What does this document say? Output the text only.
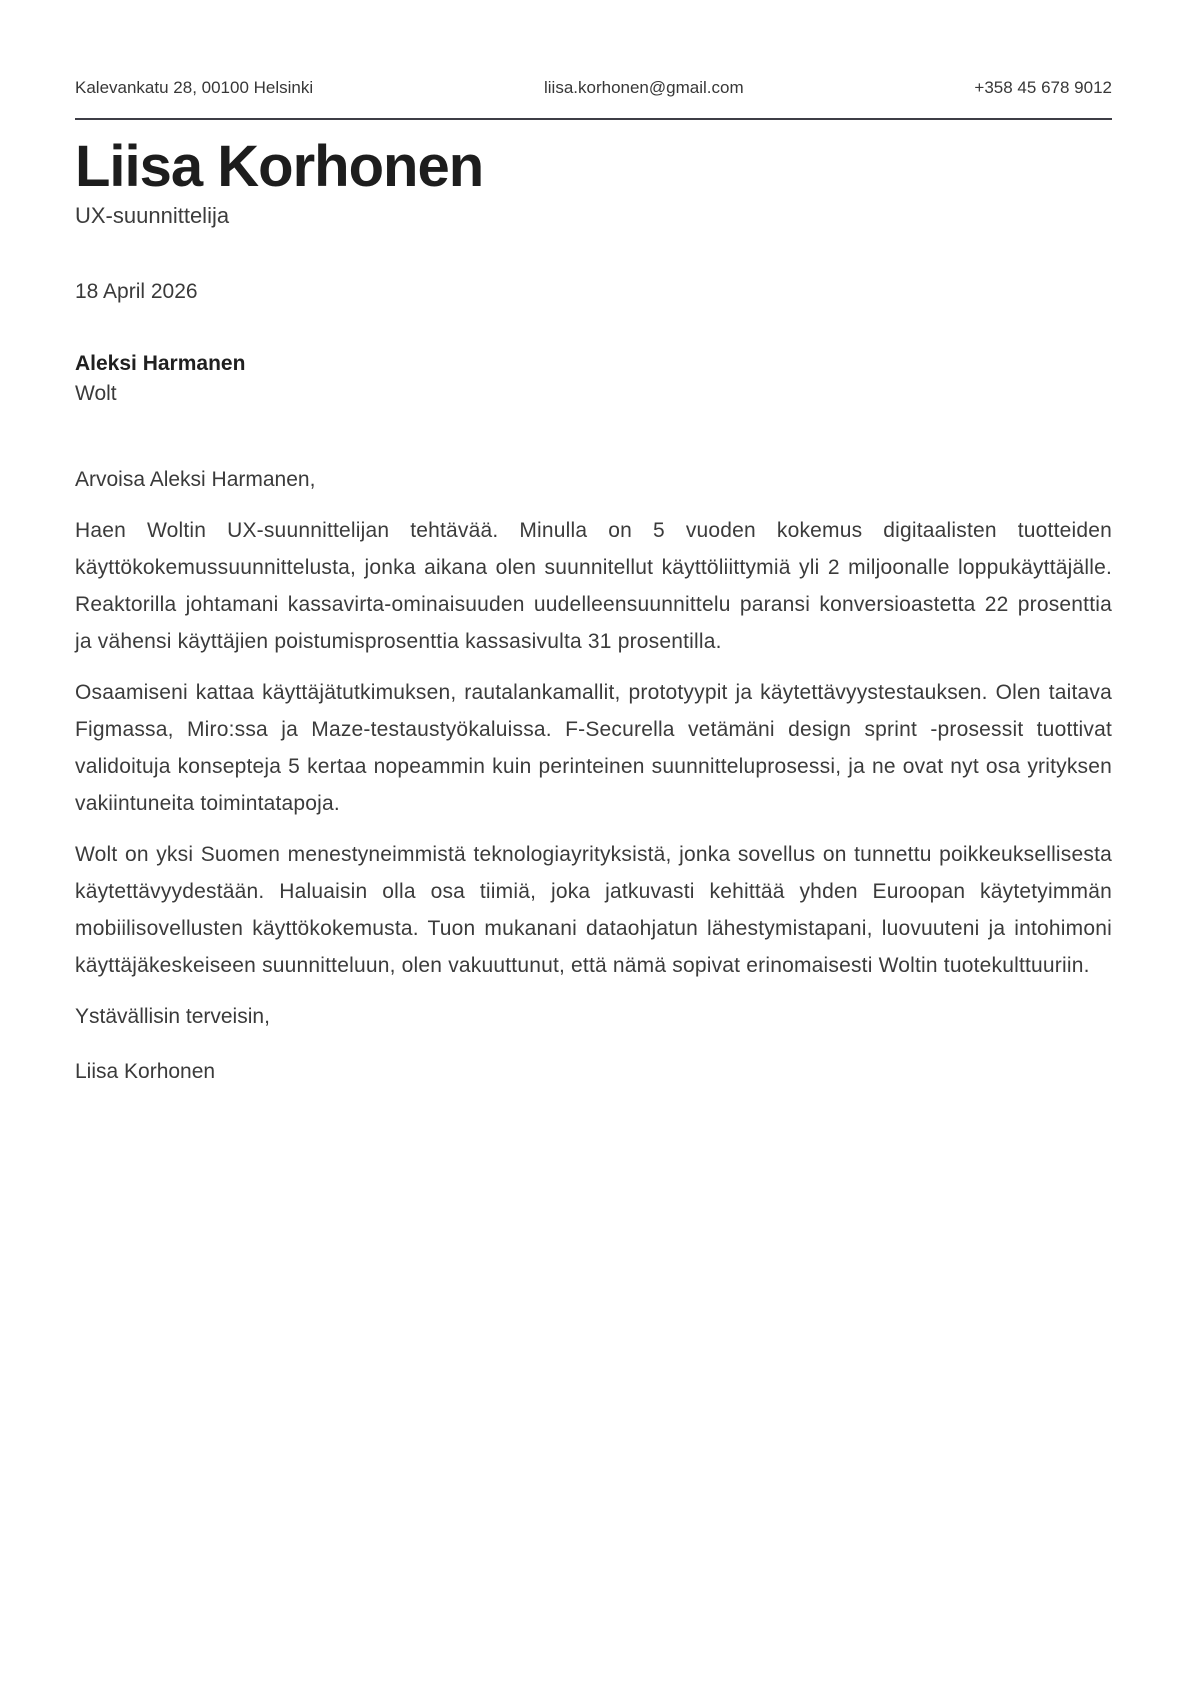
Kalevankatu 28, 00100 Helsinki	liisa.korhonen@gmail.com	+358 45 678 9012
Liisa Korhonen
UX-suunnittelija
18 April 2026
Aleksi Harmanen
Wolt

Arvoisa Aleksi Harmanen,

Haen Woltin UX-suunnittelijan tehtävää. Minulla on 5 vuoden kokemus digitaalisten tuotteiden käyttökokemussuunnittelusta, jonka aikana olen suunnitellut käyttöliittymiä yli 2 miljoonalle loppukäyttäjälle. Reaktorilla johtamani kassavirta-ominaisuuden uudelleensuunnittelu paransi konversioastetta 22 prosenttia ja vähensi käyttäjien poistumisprosenttia kassasivulta 31 prosentilla.

Osaamiseni kattaa käyttäjätutkimuksen, rautalankamallit, prototyypit ja käytettävyystestauksen. Olen taitava Figmassa, Miro:ssa ja Maze-testaustyökaluissa. F-Securella vetämäni design sprint -prosessit tuottivat validoituja konsepteja 5 kertaa nopeammin kuin perinteinen suunnitteluprosessi, ja ne ovat nyt osa yrityksen vakiintuneita toimintatapoja.

Wolt on yksi Suomen menestyneimmistä teknologiayrityksistä, jonka sovellus on tunnettu poikkeuksellisesta käytettävyydestään. Haluaisin olla osa tiimiä, joka jatkuvasti kehittää yhden Euroopan käytetyimmän mobiilisovellusten käyttökokemusta. Tuon mukanani dataohjatun lähestymistapani, luovuuteni ja intohimoni käyttäjäkeskeiseen suunnitteluun, olen vakuuttunut, että nämä sopivat erinomaisesti Woltin tuotekulttuuriin.

Ystävällisin terveisin,

Liisa Korhonen
